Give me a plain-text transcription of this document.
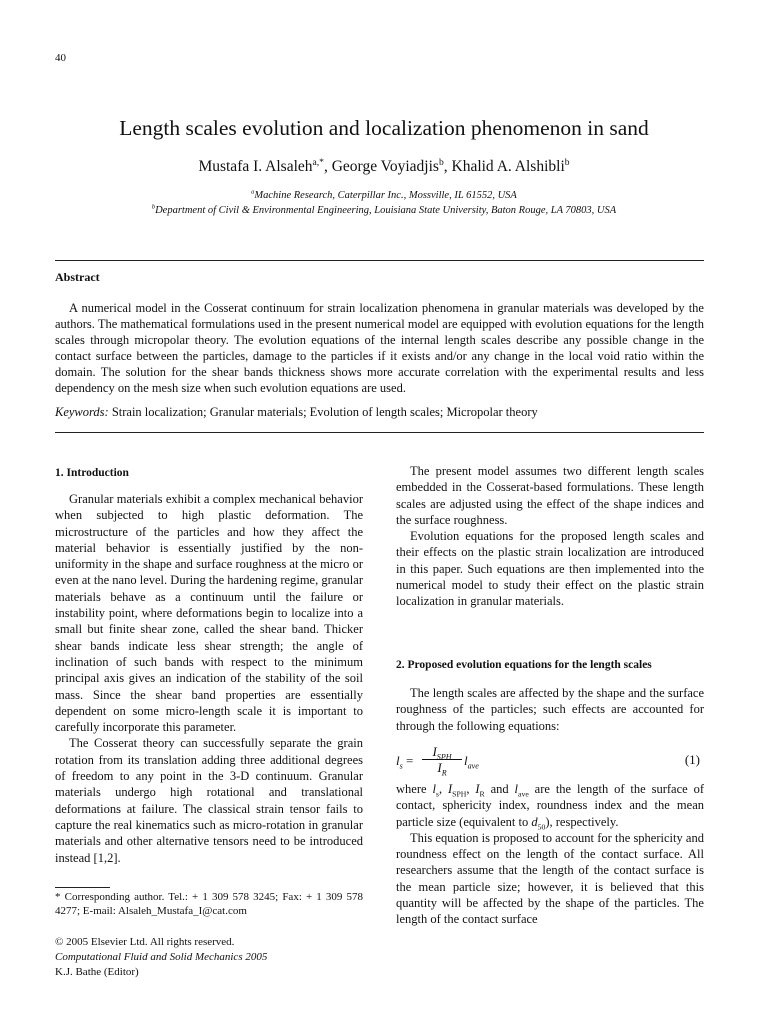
40
Length scales evolution and localization phenomenon in sand
Mustafa I. Alsaleh$^{a,*}$, George Voyiadjis$^b$, Khalid A. Alshibli$^b$
$^a$Machine Research, Caterpillar Inc., Mossville, IL 61552, USA
$^b$Department of Civil & Environmental Engineering, Louisiana State University, Baton Rouge, LA 70803, USA
Abstract
A numerical model in the Cosserat continuum for strain localization phenomena in granular materials was developed by the authors. The mathematical formulations used in the present numerical model are equipped with evolution equations for the length scales through micropolar theory. The evolution equations of the internal length scales describe any possible change in the contact surface between the particles, damage to the particles if it exists and/or any change in the local void ratio within the domain. The solution for the shear bands thickness shows more accurate correlation with the experimental results and less dependency on the mesh size when such evolution equations are used.
Keywords: Strain localization; Granular materials; Evolution of length scales; Micropolar theory
1. Introduction

Granular materials exhibit a complex mechanical behavior when subjected to high plastic deformation. The microstructure of the particles and how they affect the material behavior is essentially justified by the non-uniformity in the shape and surface roughness at the micro or even at the nano level. During the hardening regime, granular materials behave as a continuum until the failure or instability point, where deformations begin to localize into a small but finite shear zone, called the shear band. Thicker shear bands indicate less shear strength; the angle of inclination of such bands with respect to the minimum principal axis gives an indication of the stability of the soil mass. Since the shear band properties are essentially dependent on some micro-length scale it is important to carefully incorporate this parameter.

The Cosserat theory can successfully separate the grain rotation from its translation adding three additional degrees of freedom to any point in the 3-D continuum. Granular materials undergo high rotational and translational deformations at failure. The classical strain tensor fails to capture the real kinematics such as micro-rotation in granular materials and other alternative tensors need to be introduced instead [1,2].

* Corresponding author. Tel.: + 1 309 578 3245; Fax: + 1 309 578 4277; E-mail: Alsaleh_Mustafa_I@cat.com
© 2005 Elsevier Ltd. All rights reserved.
Computational Fluid and Solid Mechanics 2005
K.J. Bathe (Editor)

The present model assumes two different length scales embedded in the Cosserat-based formulations. These length scales are adjusted using the effect of the shape indices and the surface roughness.

Evolution equations for the proposed length scales and their effects on the plastic strain localization are introduced in this paper. Such equations are then implemented into the numerical model to study their effect on the plastic strain localization in granular materials.

2. Proposed evolution equations for the length scales

The length scales are affected by the shape and the surface roughness of the particles; such effects are accounted for through the following equations:

$l_s$ =
$I_{SPH}$
$I_R$
$l_{ave}$	(1)

where $l_s$, $I_{SPH}$, $I_R$ and $l_{ave}$ are the length of the surface of contact, sphericity index, roundness index and the mean particle size (equivalent to $d_{50}$), respectively.

This equation is proposed to account for the sphericity and roundness effect on the length of the contact surface. All researchers assume that the length of the contact surface is the mean particle size; however, it is believed that this quantity will be affected by the shape of the particles. The length of the contact surface
